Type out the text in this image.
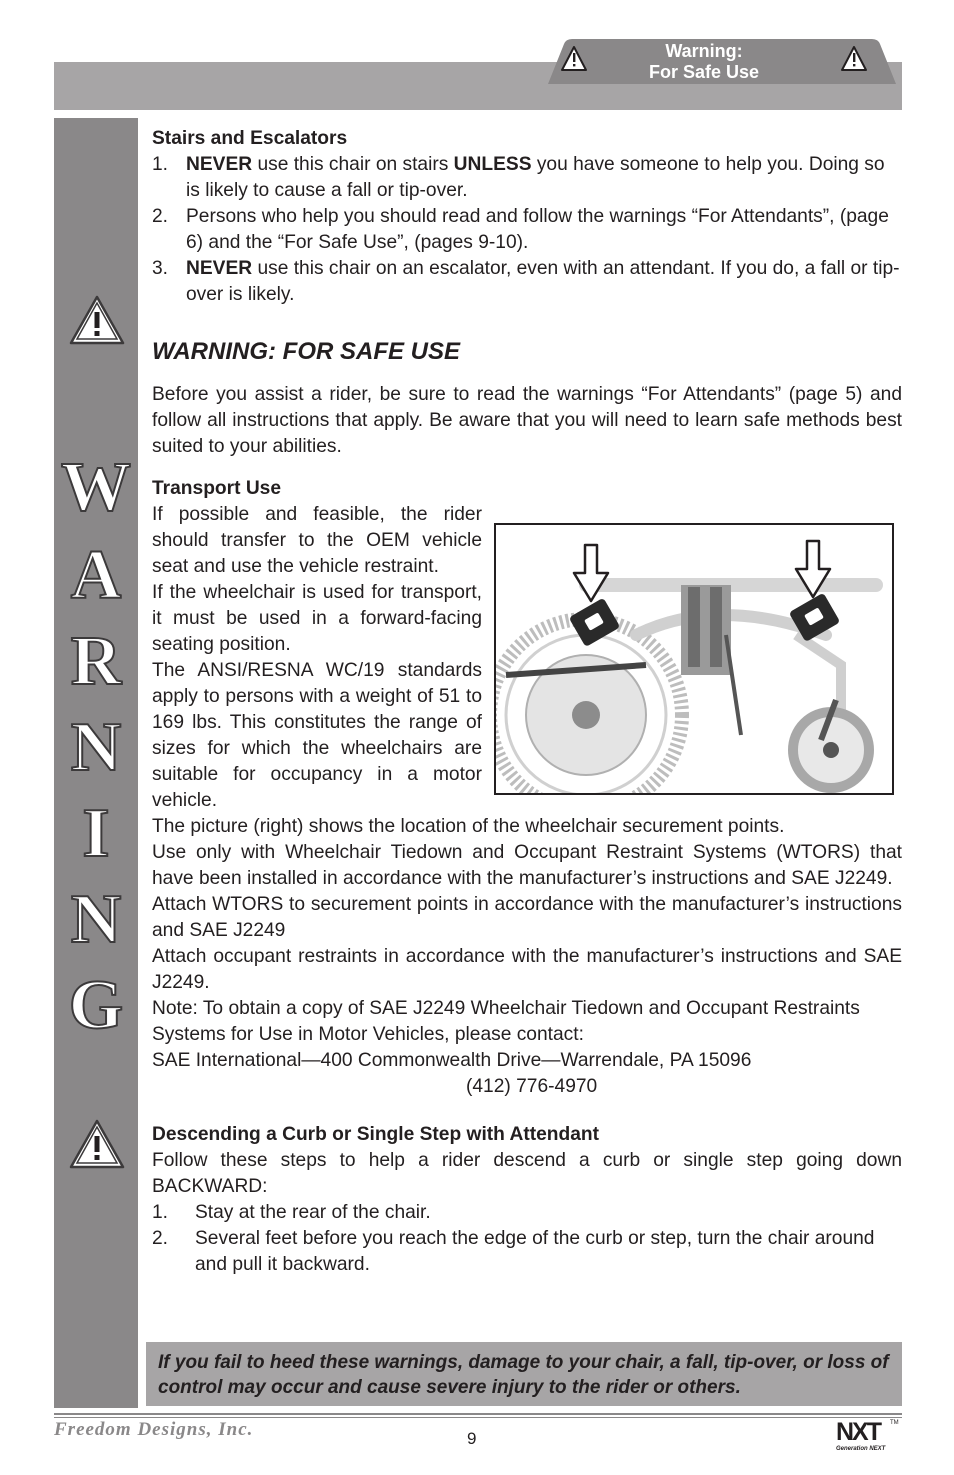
Warning:
For Safe Use
W
A
R
N
I
N
G

Stairs and Escalators

1. NEVER use this chair on stairs UNLESS you have someone to help you. Doing so is likely to cause a fall or tip-over.
2. Persons who help you should read and follow the warnings “For Attendants”, (page 6) and the “For Safe Use”, (pages 9-10).
3. NEVER use this chair on an escalator, even with an attendant. If you do, a fall or tip-over is likely.

WARNING: FOR SAFE USE

Before you assist a rider, be sure to read the warnings “For Attendants” (page 5) and follow all instructions that apply. Be aware that you will need to learn safe methods best suited to your abilities.

Transport Use

If possible and feasible, the rider should transfer to the OEM vehicle seat and use the vehicle restraint.

If the wheelchair is used for transport, it must be used in a forward-facing seating position.

The ANSI/RESNA WC/19 standards apply to persons with a weight of 51 to 169 lbs. This constitutes the range of sizes for which the wheelchairs are suitable for occupancy in a motor vehicle.

The picture (right) shows the location of the wheelchair securement points.

Use only with Wheelchair Tiedown and Occupant Restraint Systems (WTORS) that have been installed in accordance with the manufacturer’s instructions and SAE J2249.

Attach WTORS to securement points in accordance with the manufacturer’s instructions and SAE J2249

Attach occupant restraints in accordance with the manufacturer’s instructions and SAE J2249.

Note: To obtain a copy of SAE J2249 Wheelchair Tiedown and Occupant Restraints Systems for Use in Motor Vehicles, please contact:

SAE International—400 Commonwealth Drive—Warrendale, PA 15096

(412) 776-4970

Descending a Curb or Single Step with Attendant

Follow these steps to help a rider descend a curb or single step going down BACKWARD:

1. Stay at the rear of the chair.
2. Several feet before you reach the edge of the curb or step, turn the chair around and pull it backward.

If you fail to heed these warnings, damage to your chair, a fall, tip-over, or loss of control may occur and cause severe injury to the rider or others.

Freedom Designs, Inc.	9	NXT	TM
Generation NEXT
